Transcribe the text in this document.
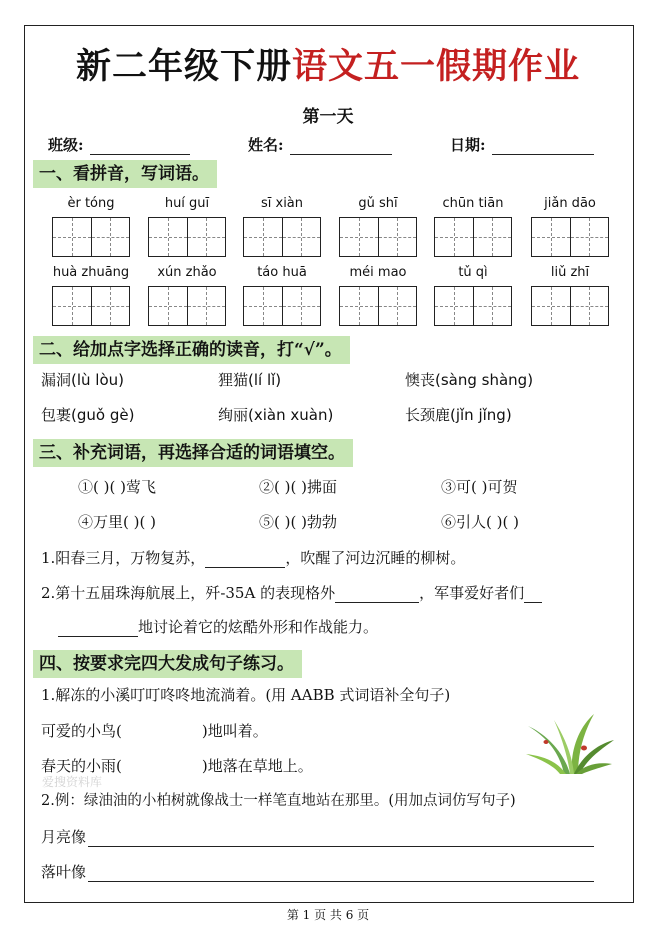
新二年级下册语文五一假期作业
第一天
班级:	姓名:	日期:
一、看拼音，写词语。
èr tóng	huí guī	sī xiàn	gǔ shī	chūn tiān	jiǎn dāo
huà zhuāng	xún zhǎo	táo huā	méi mao	tǔ qì	liǔ zhī
二、给加点字选择正确的读音，打“√”。
漏洞(lù lòu)	狸猫(lí lǐ)	懊丧(sàng shàng)
包裹(guǒ gè)	绚丽(xiàn xuàn)	长颈鹿(jǐn jǐng)
三、补充词语，再选择合适的词语填空。
①( )( )莺飞	②( )( )拂面	③可( )可贺
④万里( )( )	⑤( )( )勃勃	⑥引人( )( )
1.阳春三月，万物复苏，	，吹醒了河边沉睡的柳树。
2.第十五届珠海航展上，歼-35A 的表现格外	，军事爱好者们
地讨论着它的炫酷外形和作战能力。
四、按要求完四大发成句子练习。
1.解冻的小溪叮叮咚咚地流淌着。(用 AABB 式词语补全句子)
可爱的小鸟(	)地叫着。
春天的小雨(	)地落在草地上。
爱搜资料库
2.例：绿油油的小柏树就像战士一样笔直地站在那里。(用加点词仿写句子)
月亮像
落叶像
第 1 页 共 6 页
